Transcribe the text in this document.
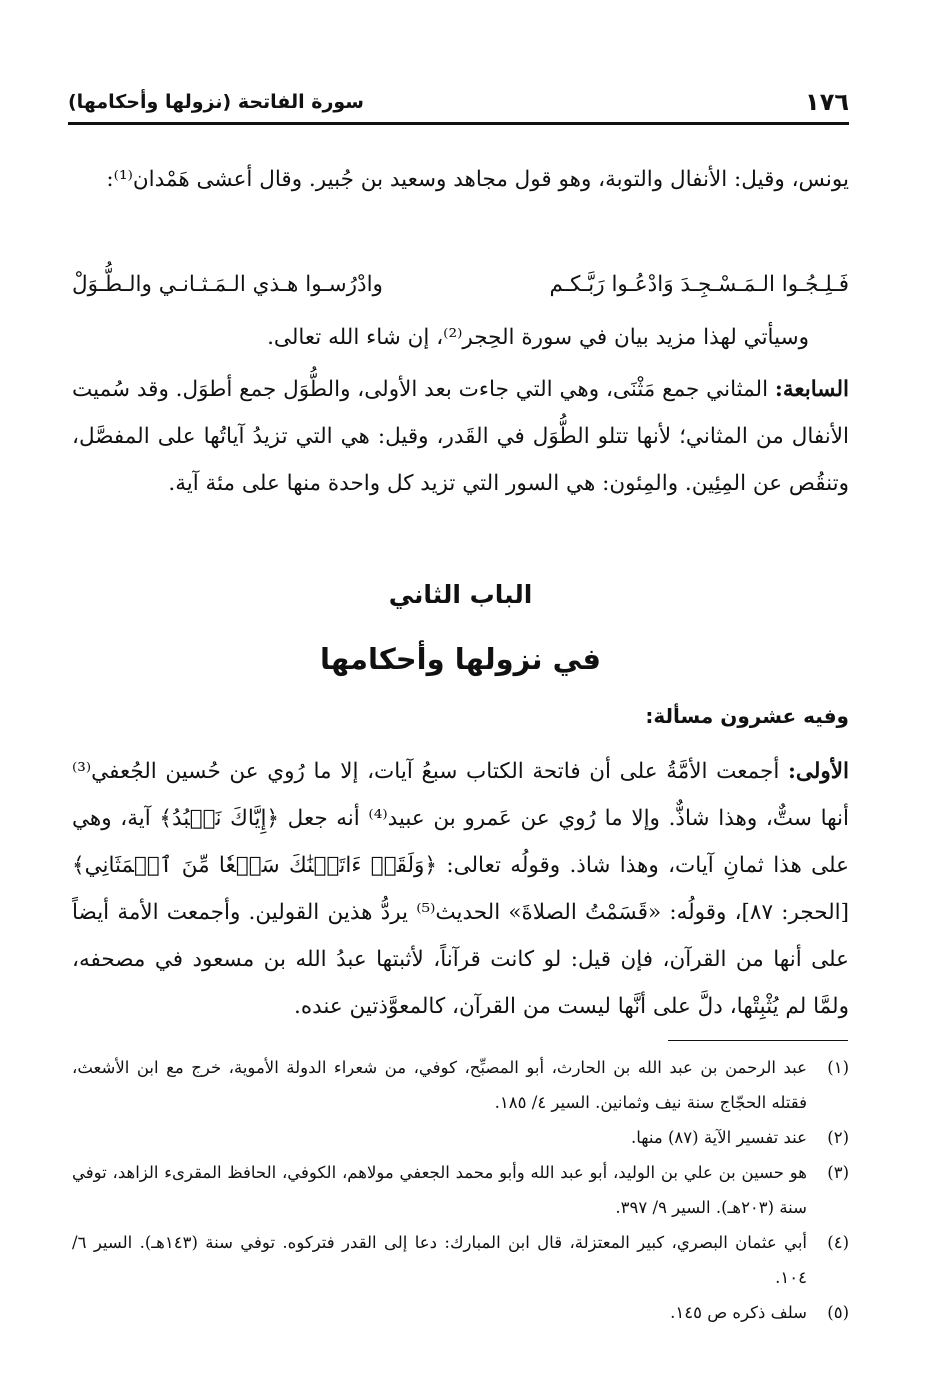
١٧٦
سورة الفاتحة (نزولها وأحكامها)

يونس، وقيل: الأنفال والتوبة، وهو قول مجاهد وسعيد بن جُبير. وقال أعشى هَمْدان⁽¹⁾:

فَـلِـجُـوا الـمَـسْـجِـدَ وَادْعُـوا رَبَّـكـم
وادْرُسـوا هـذي الـمَـثـانـي والـطُّـوَلْ

وسيأتي لهذا مزيد بيان في سورة الحِجر⁽²⁾، إن شاء الله تعالى.

السابعة: المثاني جمع مَثْنَى، وهي التي جاءت بعد الأولى، والطُّوَل جمع أطوَل. وقد سُميت الأنفال من المثاني؛ لأنها تتلو الطُّوَل في القَدر، وقيل: هي التي تزيدُ آياتُها على المفصَّل، وتنقُص عن المِئِين. والمِئون: هي السور التي تزيد كل واحدة منها على مئة آية.

الباب الثاني
في نزولها وأحكامها
وفيه عشرون مسألة:

الأولى: أجمعت الأمَّةُ على أن فاتحة الكتاب سبعُ آيات، إلا ما رُوي عن حُسين الجُعفي⁽³⁾ أنها ستٌّ، وهذا شاذٌّ. وإلا ما رُوي عن عَمرو بن عبيد⁽⁴⁾ أنه جعل ﴿إِيَّاكَ نَعۡبُدُ﴾ آية، وهي على هذا ثمانِ آيات، وهذا شاذ. وقولُه تعالى: ﴿وَلَقَدۡ ءَاتَيۡنَٰكَ سَبۡعٗا مِّنَ ٱلۡمَثَانِي﴾ [الحجر: ٨٧]، وقولُه: «قَسَمْتُ الصلاةَ» الحديث⁽⁵⁾ يردُّ هذين القولين. وأجمعت الأمة أيضاً على أنها من القرآن، فإن قيل: لو كانت قرآناً، لأثبتها عبدُ الله بن مسعود في مصحفه، ولمَّا لم يُثْبِتْها، دلَّ على أنَّها ليست من القرآن، كالمعوَّذتين عنده.

(١)
عبد الرحمن بن عبد الله بن الحارث، أبو المصبِّح، كوفي، من شعراء الدولة الأموية، خرج مع ابن الأشعث، فقتله الحجّاج سنة نيف وثمانين. السير ٤/ ١٨٥.
(٢)
عند تفسير الآية (٨٧) منها.
(٣)
هو حسين بن علي بن الوليد، أبو عبد الله وأبو محمد الجعفي مولاهم، الكوفي، الحافظ المقرىء الزاهد، توفي سنة (٢٠٣هـ). السير ٩/ ٣٩٧.
(٤)
أبي عثمان البصري، كبير المعتزلة، قال ابن المبارك: دعا إلى القدر فتركوه. توفي سنة (١٤٣هـ). السير ٦/ ١٠٤.
(٥)
سلف ذكره ص ١٤٥.
